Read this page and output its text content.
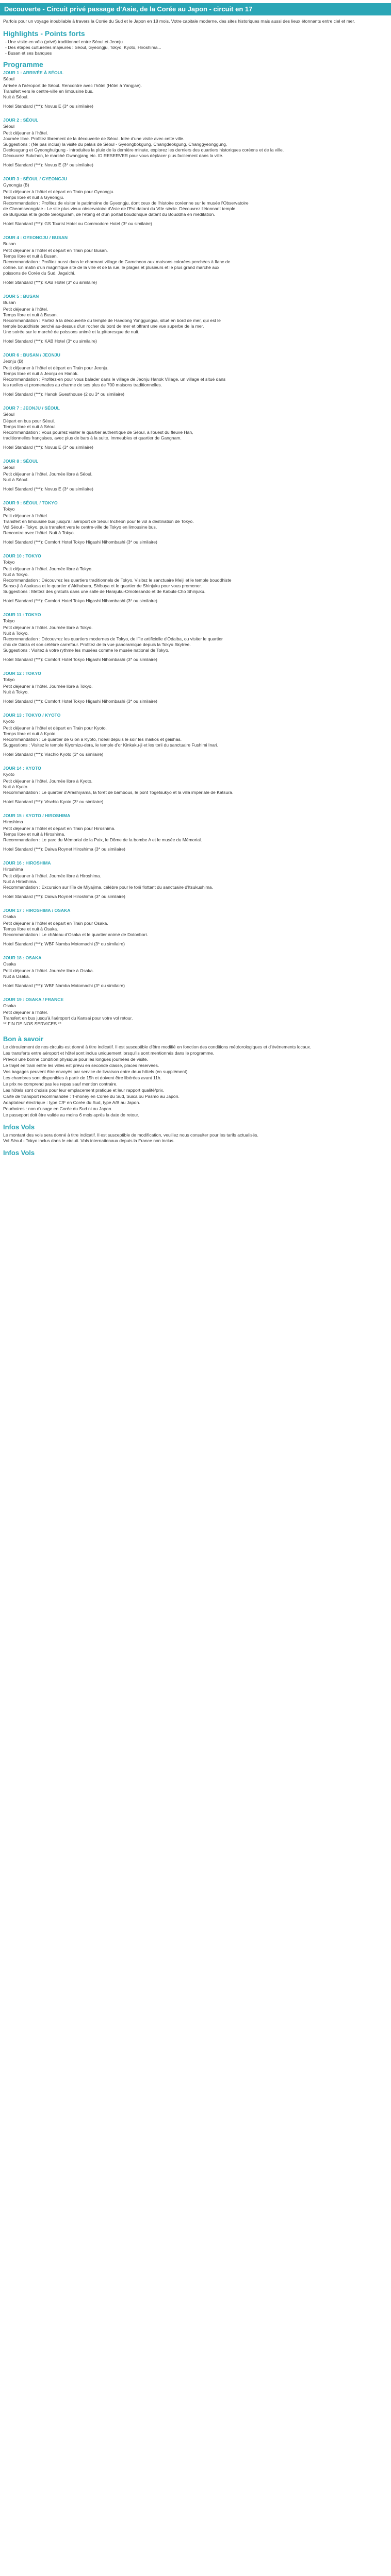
Decouverte - Circuit privé passage d'Asie, de la Corée au Japon - circuit en 17
Parfois pour un voyage inoubliable à travers la Corée du Sud et le Japon en 18 mois, Votre capitale moderne, des sites historiques mais aussi des lieux étonnants entre ciel et mer.
Highlights - Points forts
- Une visite en vélo (privé) traditionnel entre Séoul et Jeonju
- Des étapes culturelles majeures : Séoul, Gyeongju, Tokyo, Kyoto, Hiroshima...
- Busan et ses banques
Programme
JOUR 1 : ARRIVÉE À SÉOUL
Séoul
Arrivée à l'aéroport de Séoul. Rencontre avec l'hôtel (Hôtel à Yangjae).
Transfert vers le centre-ville en limousine bus.
Nuit à Séoul.
Hotel Standard (***): Novus E (3* ou similaire)
JOUR 2 : SÉOUL
Séoul
Petit déjeuner à l'hôtel.
Journée libre. Profitez librement de la découverte de Séoul. Idée d'une visite avec cette ville.
Suggestions : (Ne pas inclus) la visite du palais de Séoul - Gyeongbokgung, Changdeokgung, Changgyeonggung,
Deoksugung et Gyeonghuigung - introduites la pluie de la dernière minute, explorez les derniers des quartiers historiques coréens et de la ville.
Découvrez Bukchon, le marché Gwangjang etc. ID RESERVER pour vous déplacer plus facilement dans la ville.
Hotel Standard (***): Novus E (3* ou similaire)
JOUR 3 : SÉOUL / GYEONGJU
Gyeongju (B)
Petit déjeuner à l'hôtel et départ en Train pour Gyeongju.
Temps libre et nuit à Gyeongju.
Recommandation : Profitez de visiter le patrimoine de Gyeongju, dont ceux de l'histoire coréenne sur le musée l'Observatoire
de Cheomseongdae - Le site plus vieux observatoire d'Asie de l'Est datant du VIIe siècle. Découvrez l'étonnant temple
de Bulguksa et la grotte Seokguram, de l'étang et d'un portail bouddhique datant du Bouddha en méditation.
Hotel Standard (***): GS Tourist Hotel ou Commodore Hotel (3* ou similaire)
JOUR 4 : GYEONGJU / BUSAN
Busan
Petit déjeuner à l'hôtel et départ en Train pour Busan.
Temps libre et nuit à Busan.
Recommandation : Profitez aussi dans le charmant village de Gamcheon aux maisons colorées perchées à flanc de
colline. En matin d'un magnifique site de la ville et de la rue, le plages et plusieurs et le plus grand marché aux
poissons de Corée du Sud, Jagalchi.
Hotel Standard (***): KAB Hotel (3* ou similaire)
JOUR 5 : BUSAN
Busan
Petit déjeuner à l'hôtel.
Temps libre et nuit à Busan.
Recommandation : Partez à la découverte du temple de Haedong Yonggungsa, situé en bord de mer, qui est le
temple bouddhiste perché au-dessus d'un rocher du bord de mer et offrant une vue superbe de la mer.
Une soirée sur le marché de poissons animé et la pittoresque de nuit.
Hotel Standard (***): KAB Hotel (3* ou similaire)
JOUR 6 : BUSAN / JEONJU
Jeonju (B)
Petit déjeuner à l'hôtel et départ en Train pour Jeonju.
Temps libre et nuit à Jeonju en Hanok.
Recommandation : Profitez-en pour vous balader dans le village de Jeonju Hanok Village, un village et situé dans
les ruelles et promenades au charme de ses plus de 700 maisons traditionnelles.
Hotel Standard (***): Hanok Guesthouse (2 ou 3* ou similaire)
JOUR 7 : JEONJU / SÉOUL
Séoul
Départ en bus pour Séoul.
Temps libre et nuit à Séoul.
Recommandation : Vous pourrez visiter le quartier authentique de Séoul, à l'ouest du fleuve Han,
traditionnelles françaises, avec plus de bars à la suite. Immeubles et quartier de Gangnam.
Hotel Standard (***): Novus E (3* ou similaire)
JOUR 8 : SÉOUL
Séoul
Petit déjeuner à l'hôtel. Journée libre à Séoul.
Nuit à Séoul.
Hotel Standard (***): Novus E (3* ou similaire)
JOUR 9 : SÉOUL / TOKYO
Tokyo
Petit déjeuner à l'hôtel.
Transfert en limousine bus jusqu'à l'aéroport de Séoul Incheon pour le vol à destination de Tokyo.
Vol Séoul - Tokyo, puis transfert vers le centre-ville de Tokyo en limousine bus.
Rencontre avec l'hôtel. Nuit à Tokyo.
Hotel Standard (***): Comfort Hotel Tokyo Higashi Nihombashi (3* ou similaire)
JOUR 10 : TOKYO
Tokyo
Petit déjeuner à l'hôtel. Journée libre à Tokyo.
Nuit à Tokyo.
Recommandation : Découvrez les quartiers traditionnels de Tokyo. Visitez le sanctuaire Meiji et le temple bouddhiste
Senso-ji à Asakusa et le quartier d'Akihabara, Shibuya et le quartier de Shinjuku pour vous promener.
Suggestions : Mettez des gratuits dans une salle de Harajuku-Omotesando et de Kabuki-Cho Shinjuku.
Hotel Standard (***): Comfort Hotel Tokyo Higashi Nihombashi (3* ou similaire)
JOUR 11 : TOKYO
Tokyo
Petit déjeuner à l'hôtel. Journée libre à Tokyo.
Nuit à Tokyo.
Recommandation : Découvrez les quartiers modernes de Tokyo, de l'île artificielle d'Odaiba, ou visiter le quartier
chic de Ginza et son célèbre carrefour. Profitez de la vue panoramique depuis la Tokyo Skytree.
Suggestions : Visitez à votre rythme les musées comme le musée national de Tokyo.
Hotel Standard (***): Comfort Hotel Tokyo Higashi Nihombashi (3* ou similaire)
JOUR 12 : TOKYO
Tokyo
Petit déjeuner à l'hôtel. Journée libre à Tokyo.
Nuit à Tokyo.
Hotel Standard (***): Comfort Hotel Tokyo Higashi Nihombashi (3* ou similaire)
JOUR 13 : TOKYO / KYOTO
Kyoto
Petit déjeuner à l'hôtel et départ en Train pour Kyoto.
Temps libre et nuit à Kyoto.
Recommandation : Le quartier de Gion à Kyoto, l'idéal depuis le soir les maikos et geishas.
Suggestions : Visitez le temple Kiyomizu-dera, le temple d'or Kinkaku-ji et les torii du sanctuaire Fushimi Inari.
Hotel Standard (***): Vischio Kyoto (3* ou similaire)
JOUR 14 : KYOTO
Kyoto
Petit déjeuner à l'hôtel. Journée libre à Kyoto.
Nuit à Kyoto.
Recommandation : Le quartier d'Arashiyama, la forêt de bambous, le pont Togetsukyo et la villa impériale de Katsura.
Hotel Standard (***): Vischio Kyoto (3* ou similaire)
JOUR 15 : KYOTO / HIROSHIMA
Hiroshima
Petit déjeuner à l'hôtel et départ en Train pour Hiroshima.
Temps libre et nuit à Hiroshima.
Recommandation : Le parc du Mémorial de la Paix, le Dôme de la bombe A et le musée du Mémorial.
Hotel Standard (***): Daiwa Roynet Hiroshima (3* ou similaire)
JOUR 16 : HIROSHIMA
Hiroshima
Petit déjeuner à l'hôtel. Journée libre à Hiroshima.
Nuit à Hiroshima.
Recommandation : Excursion sur l'île de Miyajima, célèbre pour le torii flottant du sanctuaire d'Itsukushima.
Hotel Standard (***): Daiwa Roynet Hiroshima (3* ou similaire)
JOUR 17 : HIROSHIMA / OSAKA
Osaka
Petit déjeuner à l'hôtel et départ en Train pour Osaka.
Temps libre et nuit à Osaka.
Recommandation : Le château d'Osaka et le quartier animé de Dotonbori.
Hotel Standard (***): WBF Namba Motomachi (3* ou similaire)
JOUR 18 : OSAKA
Osaka
Petit déjeuner à l'hôtel. Journée libre à Osaka.
Nuit à Osaka.
Hotel Standard (***): WBF Namba Motomachi (3* ou similaire)
JOUR 19 : OSAKA / FRANCE
Osaka
Petit déjeuner à l'hôtel.
Transfert en bus jusqu'à l'aéroport du Kansai pour votre vol retour.
** FIN DE NOS SERVICES **
Bon à savoir
Le déroulement de nos circuits est donné à titre indicatif. Il est susceptible d'être modifié en fonction des conditions météorologiques et d'événements locaux.
Les transferts entre aéroport et hôtel sont inclus uniquement lorsqu'ils sont mentionnés dans le programme.
Prévoir une bonne condition physique pour les longues journées de visite.
Le trajet en train entre les villes est prévu en seconde classe, places réservées.
Vos bagages peuvent être envoyés par service de livraison entre deux hôtels (en supplément).
Les chambres sont disponibles à partir de 15h et doivent être libérées avant 11h.
Le prix ne comprend pas les repas sauf mention contraire.
Les hôtels sont choisis pour leur emplacement pratique et leur rapport qualité/prix.
Carte de transport recommandée : T-money en Corée du Sud, Suica ou Pasmo au Japon.
Adaptateur électrique : type C/F en Corée du Sud, type A/B au Japon.
Pourboires : non d'usage en Corée du Sud ni au Japon.
Le passeport doit être valide au moins 6 mois après la date de retour.
Infos Vols
Le montant des vols sera donné à titre indicatif. Il est susceptible de modification, veuillez nous consulter pour les tarifs actualisés.
Vol Séoul - Tokyo inclus dans le circuit. Vols internationaux depuis la France non inclus.
Infos Vols
